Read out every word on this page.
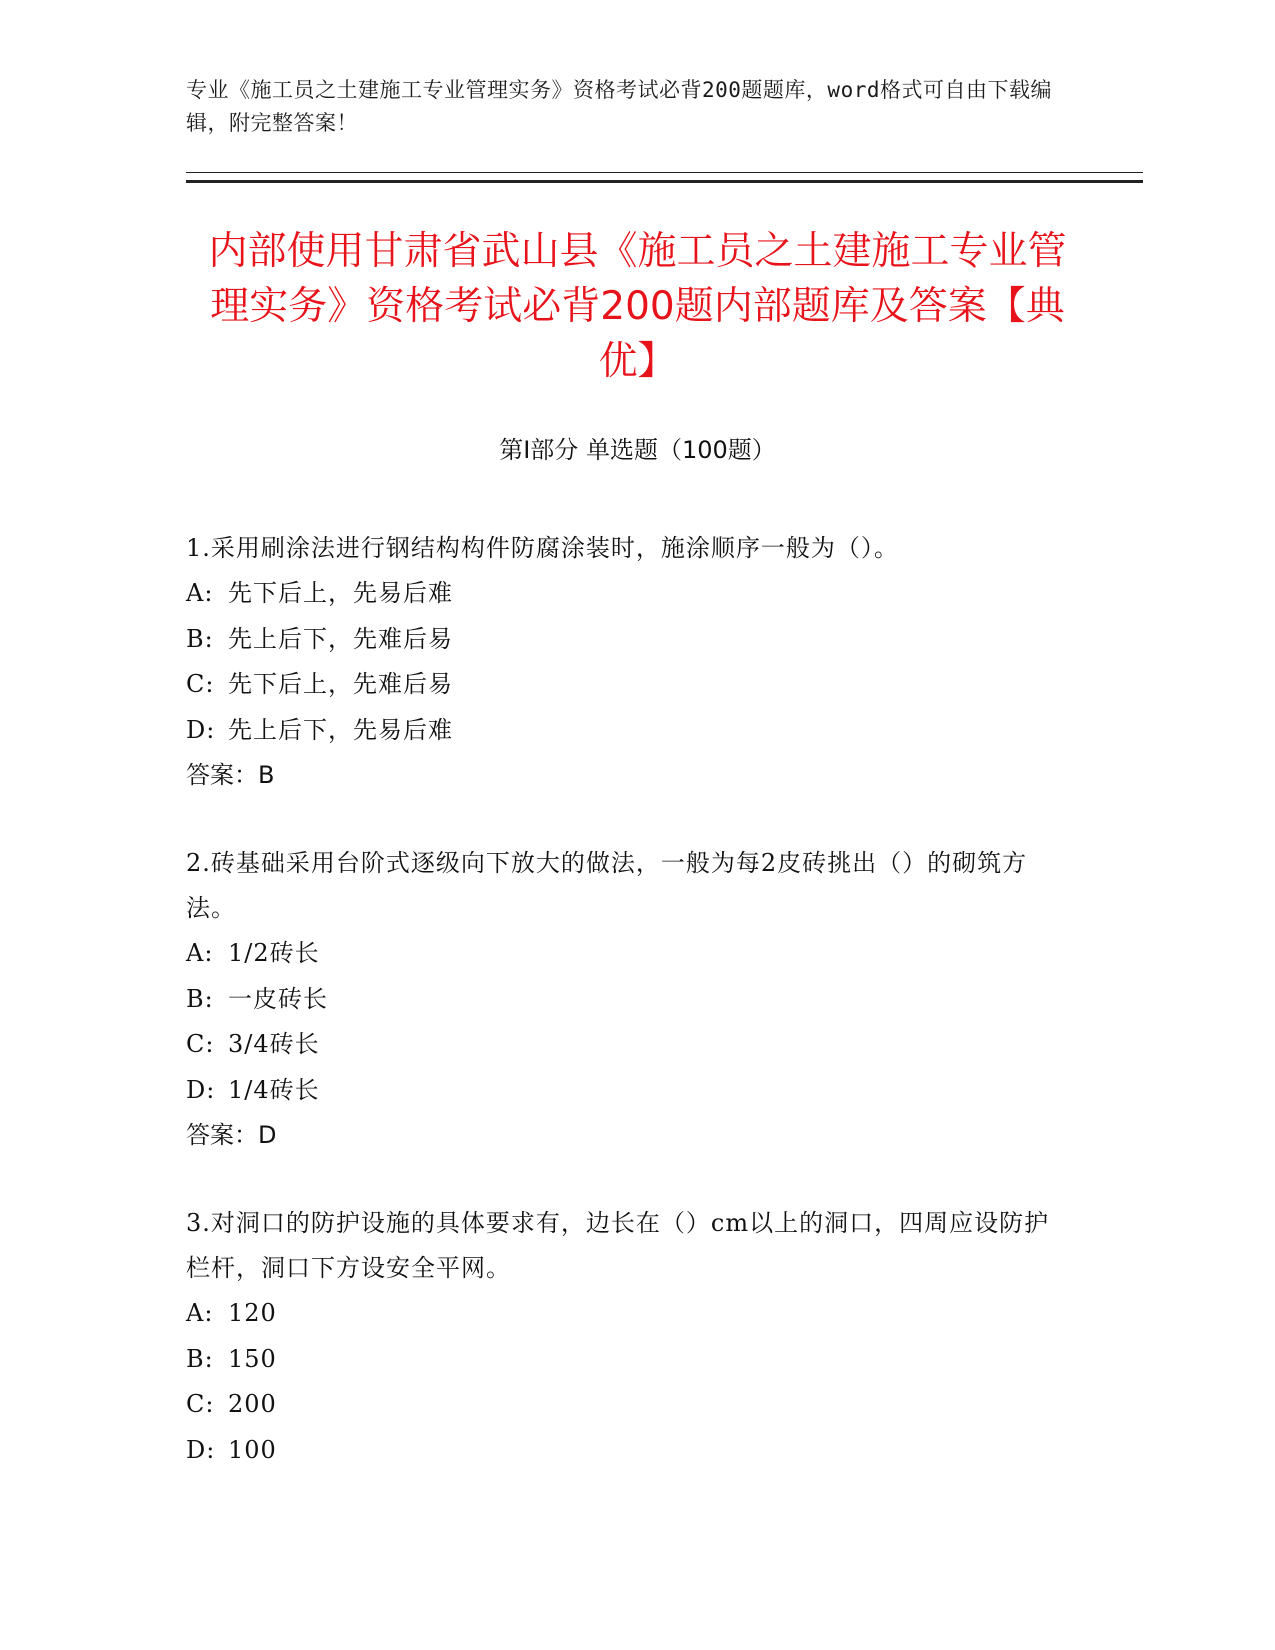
专业《施工员之土建施工专业管理实务》资格考试必背200题题库，word格式可自由下载编辑，附完整答案！
内部使用甘肃省武山县《施工员之土建施工专业管理实务》资格考试必背200题内部题库及答案【典优】
第I部分 单选题（100题）
1.采用刷涂法进行钢结构构件防腐涂装时，施涂顺序一般为（）。
A: 先下后上，先易后难
B: 先上后下，先难后易
C: 先下后上，先难后易
D: 先上后下，先易后难
答案：B
2.砖基础采用台阶式逐级向下放大的做法，一般为每2皮砖挑出（）的砌筑方法。
A: 1/2砖长
B: 一皮砖长
C: 3/4砖长
D: 1/4砖长
答案：D
3.对洞口的防护设施的具体要求有，边长在（）cm以上的洞口，四周应设防护栏杆，洞口下方设安全平网。
A: 120
B: 150
C: 200
D: 100
